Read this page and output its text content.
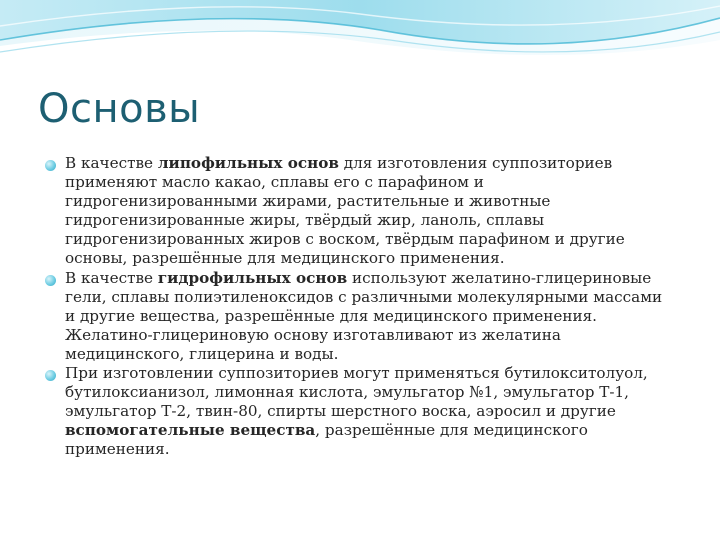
Основы
В качестве липофильных основ для изготовления суппозиториев применяют масло какао, сплавы его с парафином и гидрогенизированными жирами, растительные и животные гидрогенизированные жиры, твёрдый жир, ланоль, сплавы гидрогенизированных жиров с воском, твёрдым парафином и другие основы, разрешённые для медицинского применения.
В качестве гидрофильных основ используют желатино-глицериновые гели, сплавы полиэтиленоксидов с различными молекулярными массами и другие вещества, разрешённые для медицинского применения. Желатино-глицериновую основу изготавливают из желатина медицинского, глицерина и воды.
При изготовлении суппозиториев могут применяться бутилокситолуол, бутилоксианизол, лимонная кислота, эмульгатор №1, эмульгатор Т-1, эмульгатор Т-2, твин-80, спирты шерстного воска, аэросил и другие вспомогательные вещества, разрешённые для медицинского применения.
